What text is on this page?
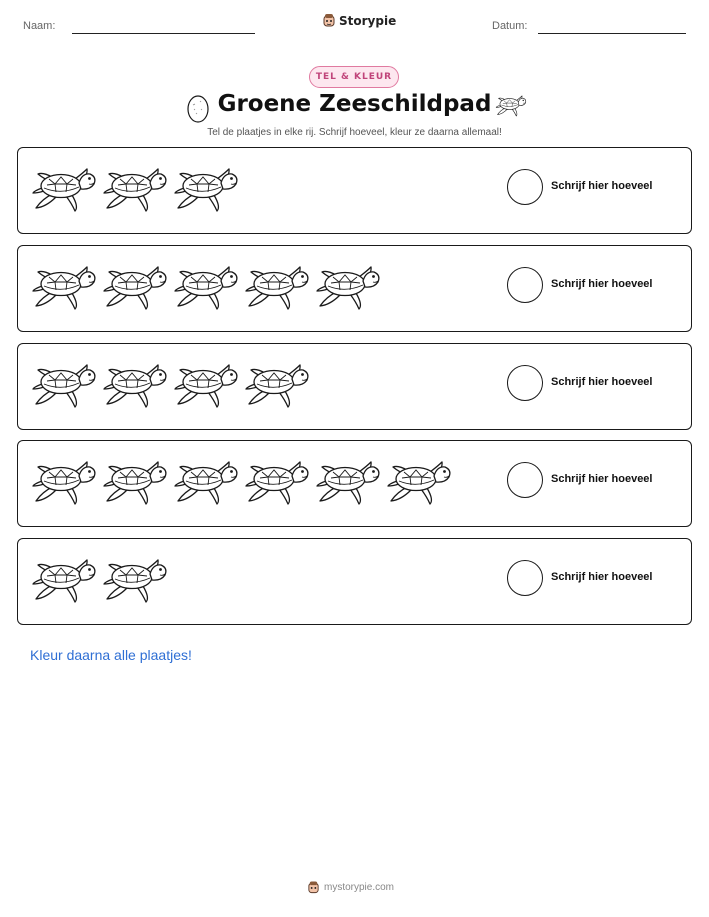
Naam:	Storypie	Datum:
TEL & KLEUR
Groene Zeeschildpad
Tel de plaatjes in elke rij. Schrijf hoeveel, kleur ze daarna allemaal!
Schrijf hier hoeveel
Schrijf hier hoeveel
Schrijf hier hoeveel
Schrijf hier hoeveel
Schrijf hier hoeveel
Kleur daarna alle plaatjes!
mystorypie.com
